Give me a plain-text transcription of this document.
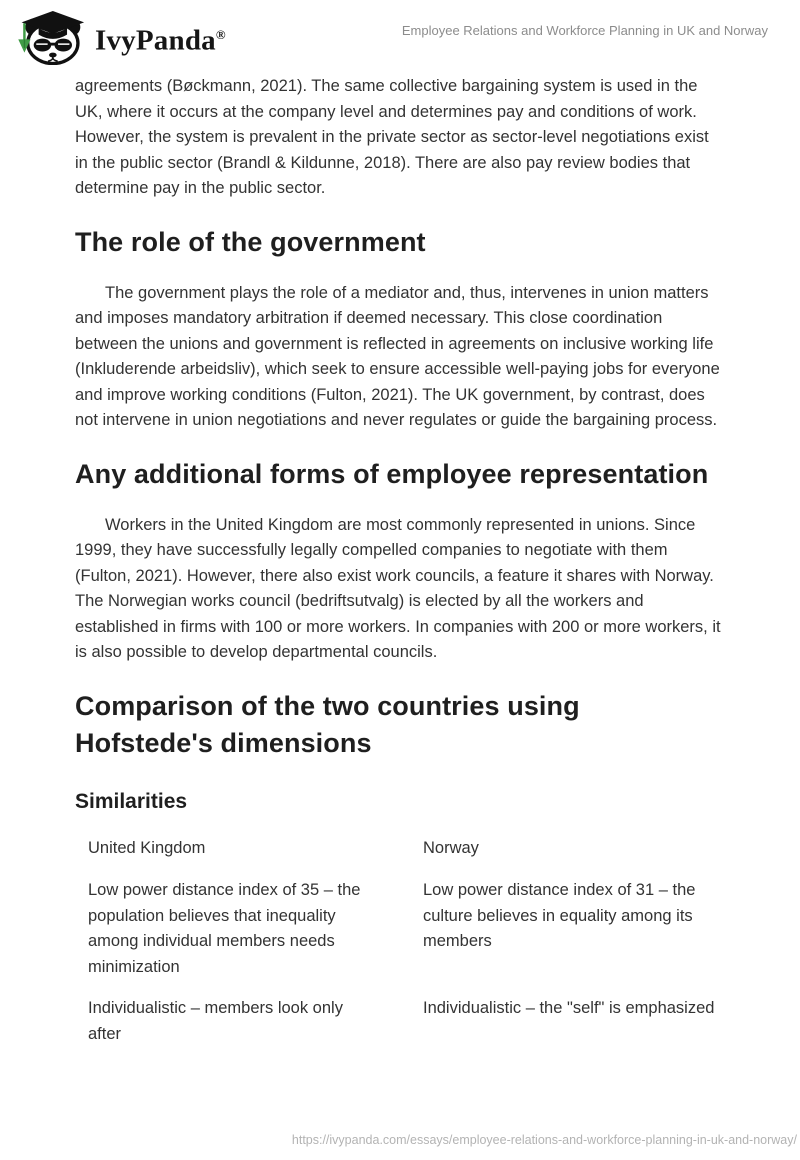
IvyPanda®	Employee Relations and Workforce Planning in UK and Norway

agreements (Bøckmann, 2021). The same collective bargaining system is used in the UK, where it occurs at the company level and determines pay and conditions of work. However, the system is prevalent in the private sector as sector-level negotiations exist in the public sector (Brandl & Kildunne, 2018). There are also pay review bodies that determine pay in the public sector.

The role of the government

The government plays the role of a mediator and, thus, intervenes in union matters and imposes mandatory arbitration if deemed necessary. This close coordination between the unions and government is reflected in agreements on inclusive working life (Inkluderende arbeidsliv), which seek to ensure accessible well-paying jobs for everyone and improve working conditions (Fulton, 2021). The UK government, by contrast, does not intervene in union negotiations and never regulates or guide the bargaining process.

Any additional forms of employee representation

Workers in the United Kingdom are most commonly represented in unions. Since 1999, they have successfully legally compelled companies to negotiate with them (Fulton, 2021). However, there also exist work councils, a feature it shares with Norway. The Norwegian works council (bedriftsutvalg) is elected by all the workers and established in firms with 100 or more workers. In companies with 200 or more workers, it is also possible to develop departmental councils.

Comparison of the two countries using Hofstede's dimensions
Similarities
United Kingdom	Norway
Low power distance index of 35 – the population believes that inequality among individual members needs minimization
Low power distance index of 31 – the culture believes in equality among its members
Individualistic – members look only after
Individualistic – the "self" is emphasized
https://ivypanda.com/essays/employee-relations-and-workforce-planning-in-uk-and-norway/
